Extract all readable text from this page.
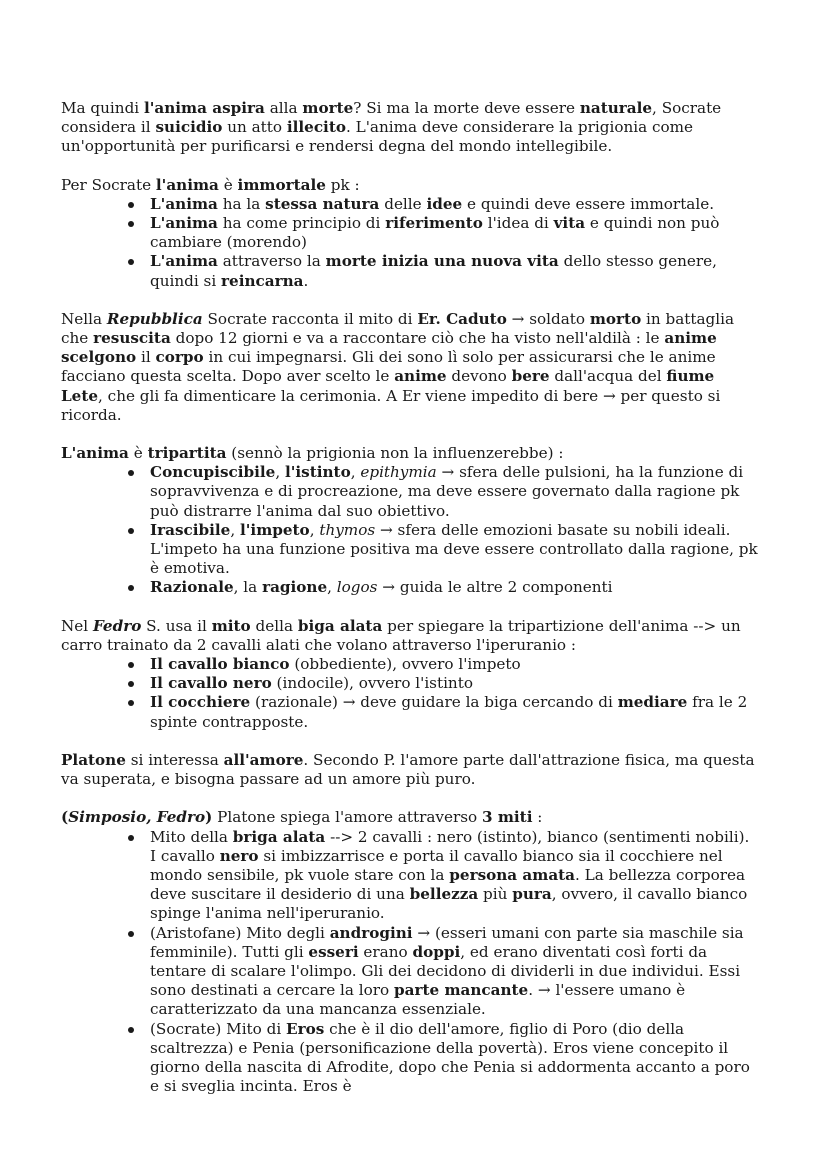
Ma quindi l'anima aspira alla morte? Si ma la morte deve essere naturale, Socrate considera il suicidio un atto illecito. L'anima deve considerare la prigionia come un'opportunità per purificarsi e rendersi degna del mondo intellegibile.

Per Socrate l'anima è immortale pk :

L'anima ha la stessa natura delle idee e quindi deve essere immortale.
L'anima ha come principio di riferimento l'idea di vita e quindi non può cambiare (morendo)
L'anima attraverso la morte inizia una nuova vita dello stesso genere, quindi si reincarna.

Nella Repubblica Socrate racconta il mito di Er. Caduto → soldato morto in battaglia che resuscita dopo 12 giorni e va a raccontare ciò che ha visto nell'aldilà : le anime scelgono il corpo in cui impegnarsi. Gli dei sono lì solo per assicurarsi che le anime facciano questa scelta. Dopo aver scelto le anime devono bere dall'acqua del fiume Lete, che gli fa dimenticare la cerimonia. A Er viene impedito di bere → per questo si ricorda.

L'anima è tripartita (sennò la prigionia non la influenzerebbe) :

Concupiscibile, l'istinto, epithymia → sfera delle pulsioni, ha la funzione di sopravvivenza e di procreazione, ma deve essere governato dalla ragione pk può distrarre l'anima dal suo obiettivo.
Irascibile, l'impeto, thymos → sfera delle emozioni basate su nobili ideali. L'impeto ha una funzione positiva ma deve essere controllato dalla ragione, pk è emotiva.
Razionale, la ragione, logos → guida le altre 2 componenti

Nel Fedro S. usa il mito della biga alata per spiegare la tripartizione dell'anima --> un carro trainato da 2 cavalli alati che volano attraverso l'iperuranio :

Il cavallo bianco (obbediente), ovvero l'impeto
Il cavallo nero (indocile), ovvero l'istinto
Il cocchiere (razionale) → deve guidare la biga cercando di mediare fra le 2 spinte contrapposte.

Platone si interessa all'amore. Secondo P. l'amore parte dall'attrazione fisica, ma questa va superata, e bisogna passare ad un amore più puro.

(Simposio, Fedro) Platone spiega l'amore attraverso 3 miti :

Mito della briga alata --> 2 cavalli : nero (istinto), bianco (sentimenti nobili). I cavallo nero si imbizzarrisce e porta il cavallo bianco sia il cocchiere nel mondo sensibile, pk vuole stare con la persona amata. La bellezza corporea deve suscitare il desiderio di una bellezza più pura, ovvero, il cavallo bianco spinge l'anima nell'iperuranio.
(Aristofane) Mito degli androgini → (esseri umani con parte sia maschile sia femminile). Tutti gli esseri erano doppi, ed erano diventati così forti da tentare di scalare l'olimpo. Gli dei decidono di dividerli in due individui. Essi sono destinati a cercare la loro parte mancante. → l'essere umano è caratterizzato da una mancanza essenziale.
(Socrate) Mito di Eros che è il dio dell'amore, figlio di Poro (dio della scaltrezza) e Penia (personificazione della povertà). Eros viene concepito il giorno della nascita di Afrodite, dopo che Penia si addormenta accanto a poro e si sveglia incinta. Eros è
